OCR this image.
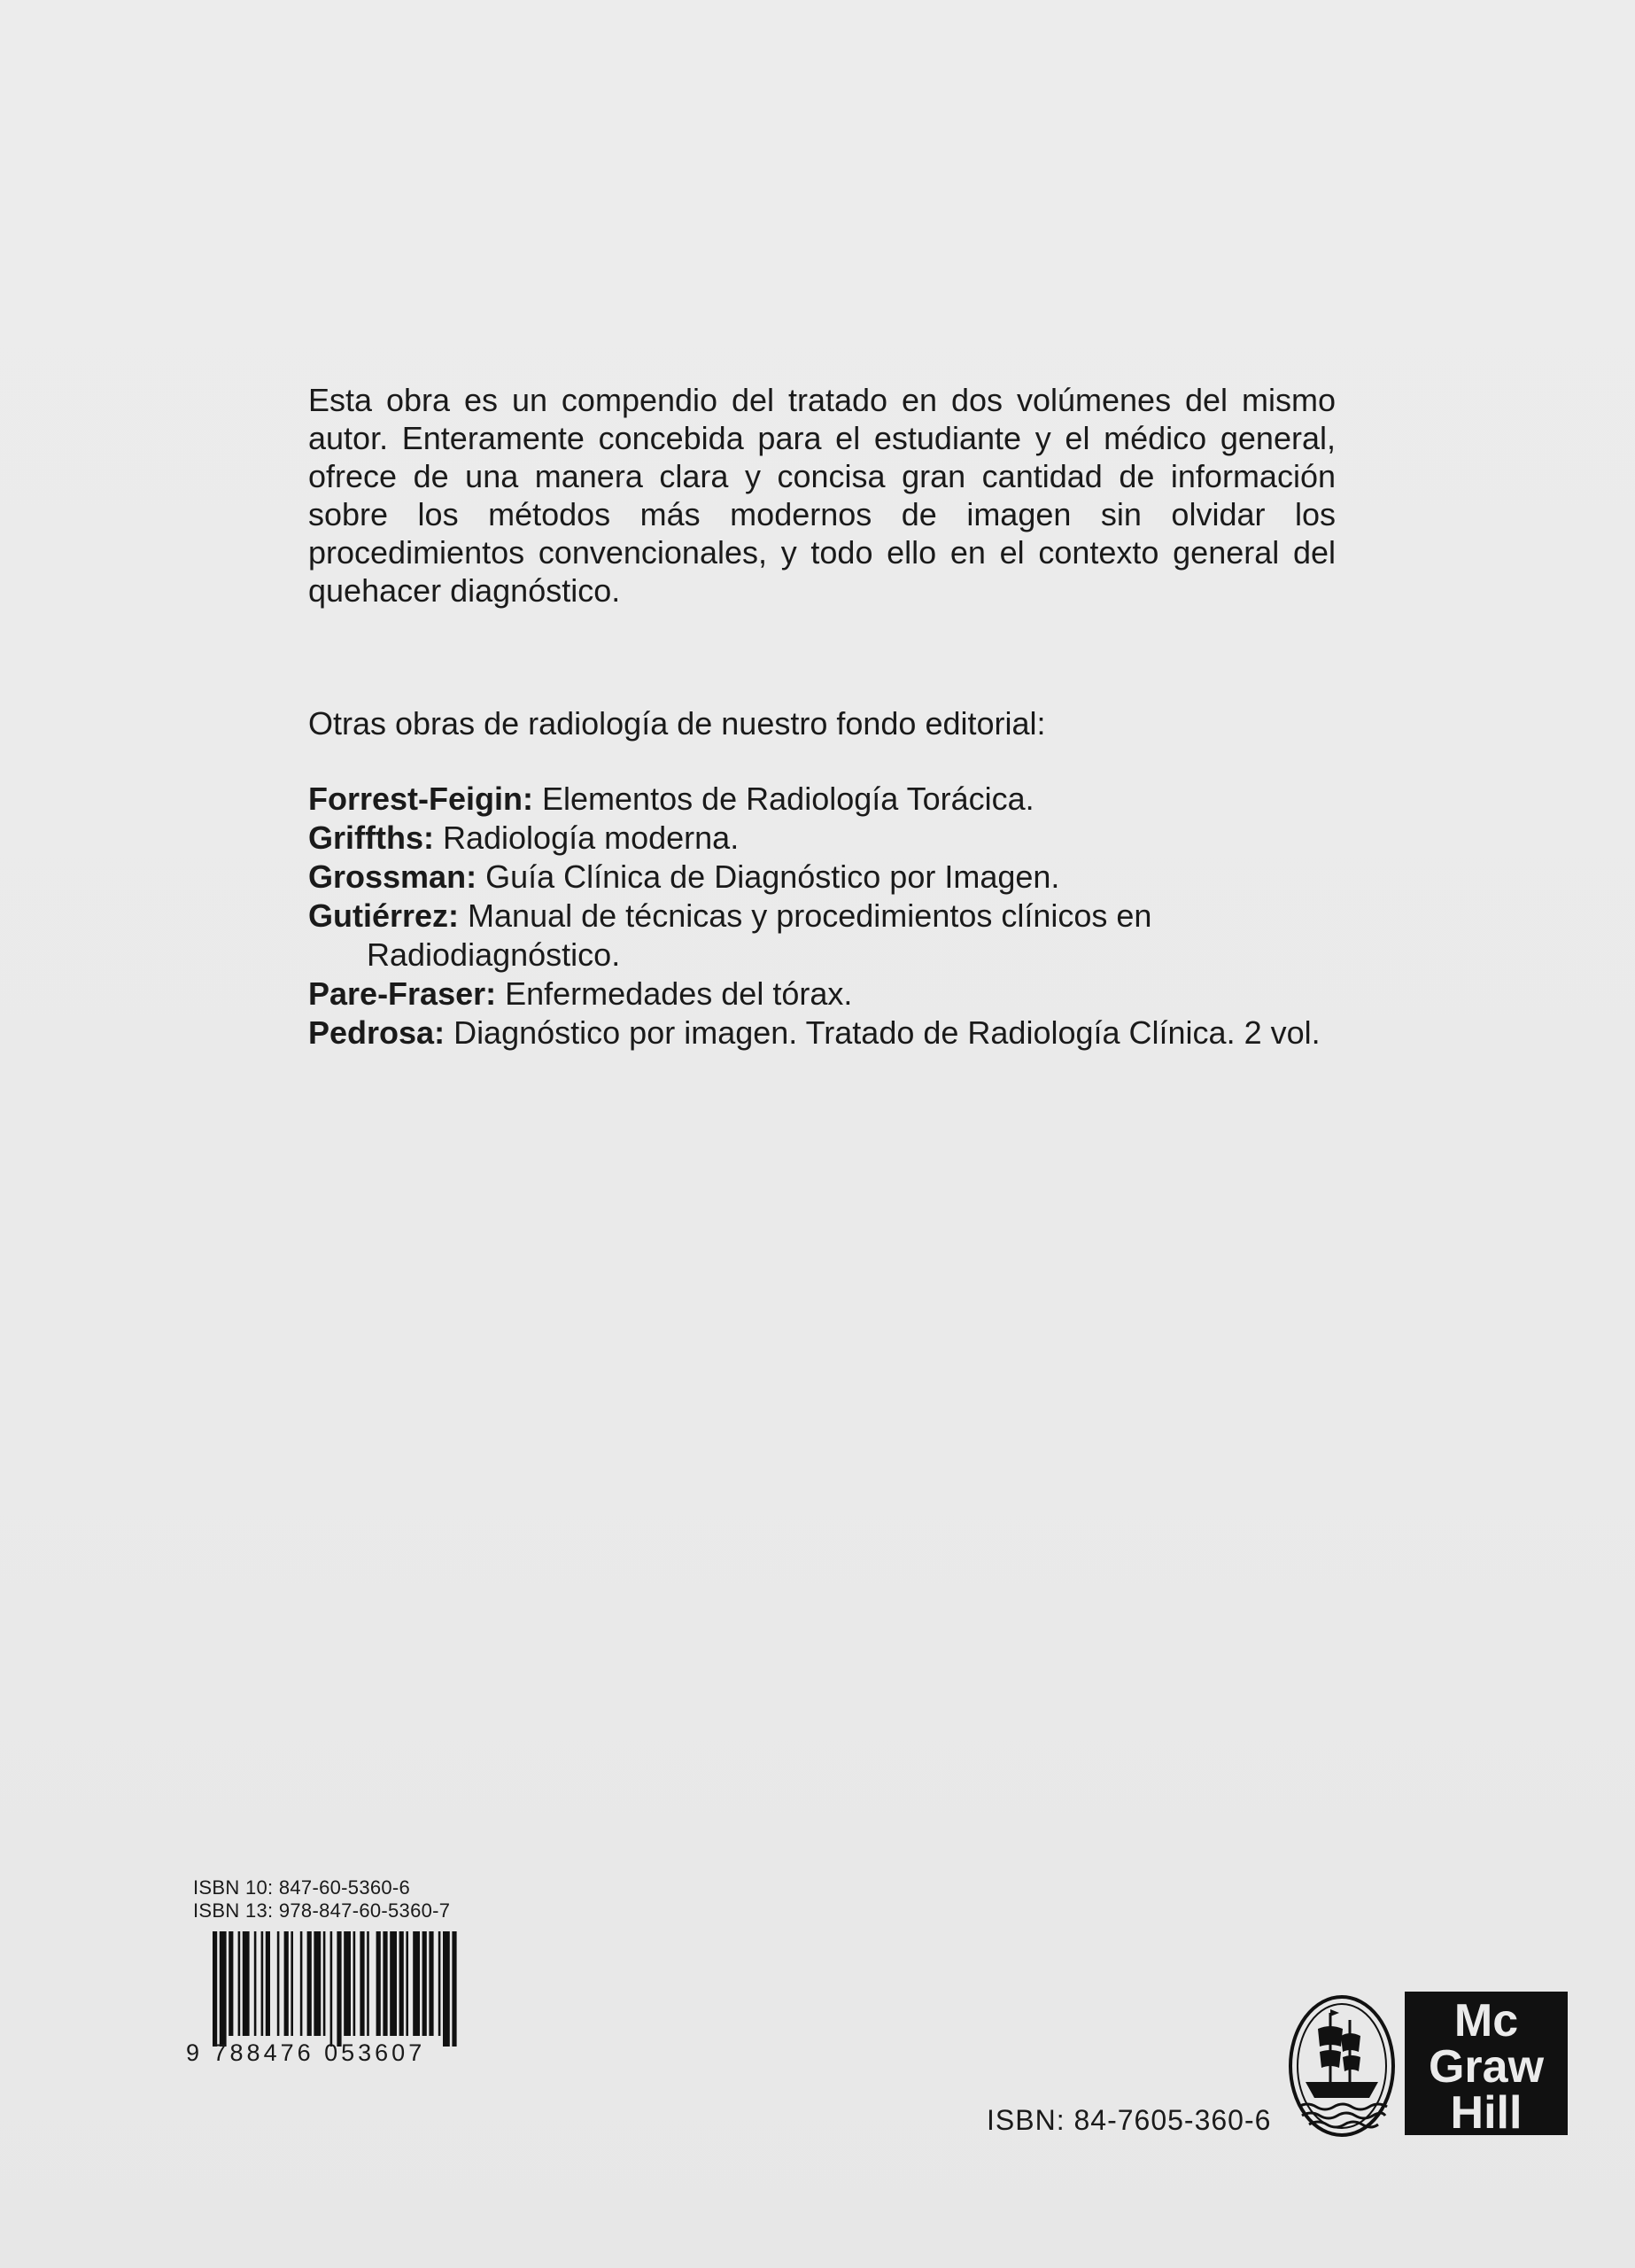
Esta obra es un compendio del tratado en dos volúmenes del mismo autor. Enteramente concebida para el estudiante y el médico general, ofrece de una manera clara y concisa gran cantidad de información sobre los métodos más modernos de imagen sin olvidar los procedimientos convencionales, y todo ello en el contexto general del quehacer diagnóstico.

Otras obras de radiología de nuestro fondo editorial:

Forrest-Feigin: Elementos de Radiología Torácica.
Griffths: Radiología moderna.
Grossman: Guía Clínica de Diagnóstico por Imagen.
Gutiérrez: Manual de técnicas y procedimientos clínicos en Radiodiagnóstico.
Pare-Fraser: Enfermedades del tórax.
Pedrosa: Diagnóstico por imagen. Tratado de Radiología Clínica. 2 vol.
ISBN 10: 847-60-5360-6
ISBN 13: 978-847-60-5360-7
9 788476 053607
ISBN: 84-7605-360-6
Mc
Graw
Hill
